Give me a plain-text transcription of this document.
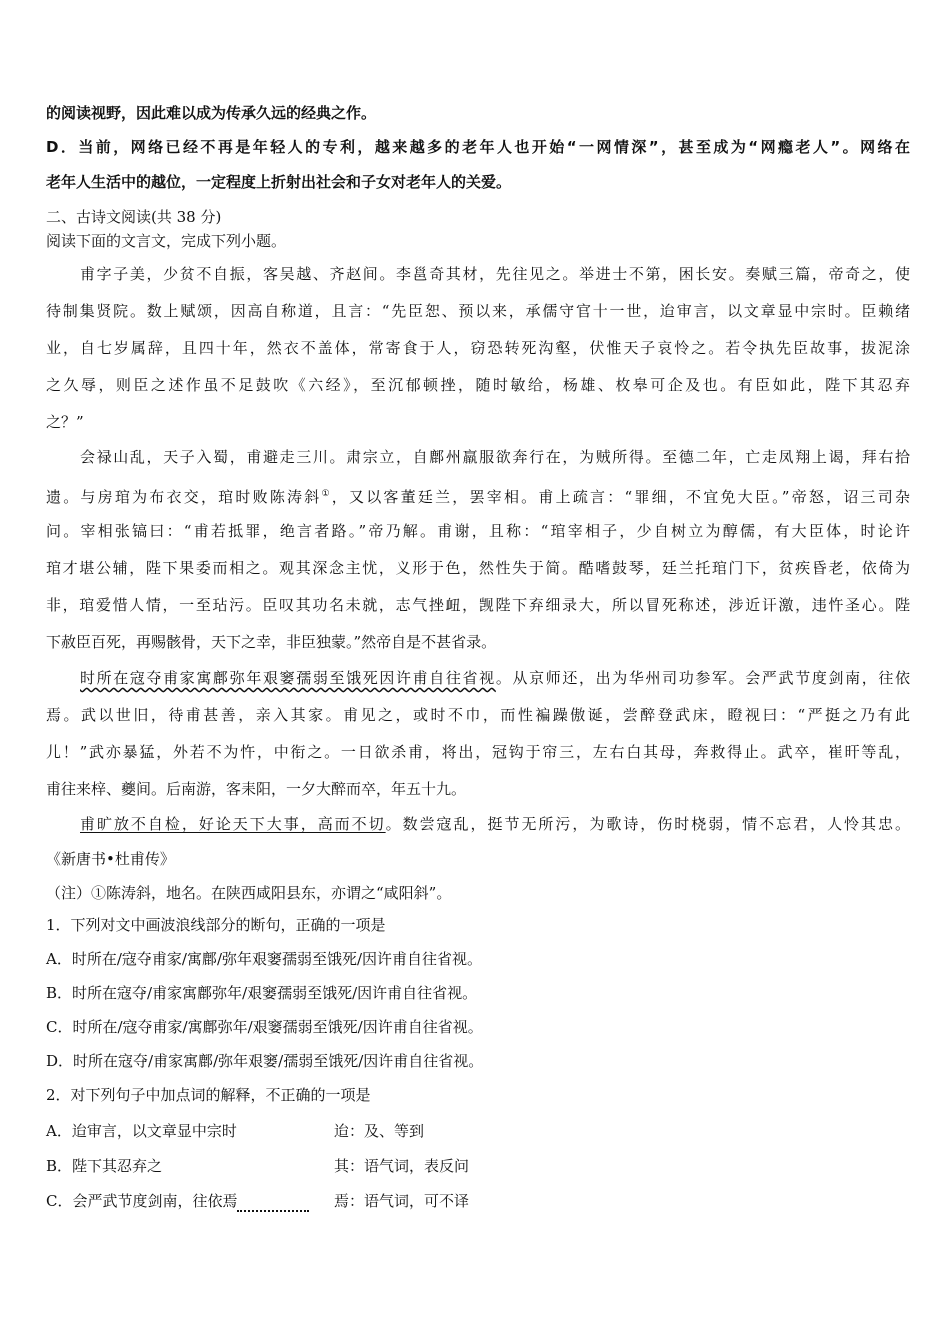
的阅读视野，因此难以成为传承久远的经典之作。
D．当前，网络已经不再是年轻人的专利，越来越多的老年人也开始“一网情深”，甚至成为“网瘾老人”。网络在
老年人生活中的越位，一定程度上折射出社会和子女对老年人的关爱。
二、古诗文阅读(共 38 分)
阅读下面的文言文，完成下列小题。
甫字子美，少贫不自振，客吴越、齐赵间。李邕奇其材，先往见之。举进士不第，困长安。奏赋三篇，帝奇之，使
待制集贤院。数上赋颂，因高自称道，且言：“先臣恕、预以来，承儒守官十一世，迨审言，以文章显中宗时。臣赖绪
业，自七岁属辞，且四十年，然衣不盖体，常寄食于人，窃恐转死沟壑，伏惟天子哀怜之。若令执先臣故事，拔泥涂
之久辱，则臣之述作虽不足鼓吹《六经》，至沉郁顿挫，随时敏给，杨雄、枚皋可企及也。有臣如此，陛下其忍弃
之？”
会禄山乱，天子入蜀，甫避走三川。肃宗立，自鄜州羸服欲奔行在，为贼所得。至德二年，亡走凤翔上谒，拜右拾
遗。与房琯为布衣交，琯时败陈涛斜①，又以客董廷兰，罢宰相。甫上疏言：“罪细，不宜免大臣。”帝怒，诏三司杂
问。宰相张镐曰：“甫若抵罪，绝言者路。”帝乃解。甫谢，且称：“琯宰相子，少自树立为醇儒，有大臣体，时论许
琯才堪公辅，陛下果委而相之。观其深念主忧，义形于色，然性失于简。酷嗜鼓琴，廷兰托琯门下，贫疾昏老，依倚为
非，琯爱惜人情，一至玷污。臣叹其功名未就，志气挫衄，觊陛下弃细录大，所以冒死称述，涉近讦激，违忤圣心。陛
下赦臣百死，再赐骸骨，天下之幸，非臣独蒙。”然帝自是不甚省录。
时所在寇夺甫家寓鄜弥年艰窭孺弱至饿死因许甫自往省视。从京师还，出为华州司功参军。会严武节度剑南，往依
焉。武以世旧，待甫甚善，亲入其家。甫见之，或时不巾，而性褊躁傲诞，尝醉登武床，瞪视曰：“严挺之乃有此
儿！”武亦暴猛，外若不为忤，中衔之。一日欲杀甫，将出，冠钩于帘三，左右白其母，奔救得止。武卒，崔旰等乱，
甫往来梓、夔间。后南游，客耒阳，一夕大醉而卒，年五十九。
甫旷放不自检，好论天下大事，高而不切。数尝寇乱，挺节无所污，为歌诗，伤时桡弱，情不忘君，人怜其忠。
《新唐书•杜甫传》
（注）①陈涛斜，地名。在陕西咸阳县东，亦谓之“咸阳斜”。
1．下列对文中画波浪线部分的断句，正确的一项是
A．时所在/寇夺甫家/寓鄜/弥年艰窭孺弱至饿死/因许甫自往省视。
B．时所在寇夺/甫家寓鄜弥年/艰窭孺弱至饿死/因许甫自往省视。
C．时所在/寇夺甫家/寓鄜弥年/艰窭孺弱至饿死/因许甫自往省视。
D．时所在寇夺/甫家寓鄜/弥年艰窭/孺弱至饿死/因许甫自往省视。
2．对下列句子中加点词的解释，不正确的一项是
A．迨审言，以文章显中宗时	迨：及、等到
B．陛下其忍弃之	其：语气词，表反问
C．会严武节度剑南，往依焉	焉：语气词，可不译
